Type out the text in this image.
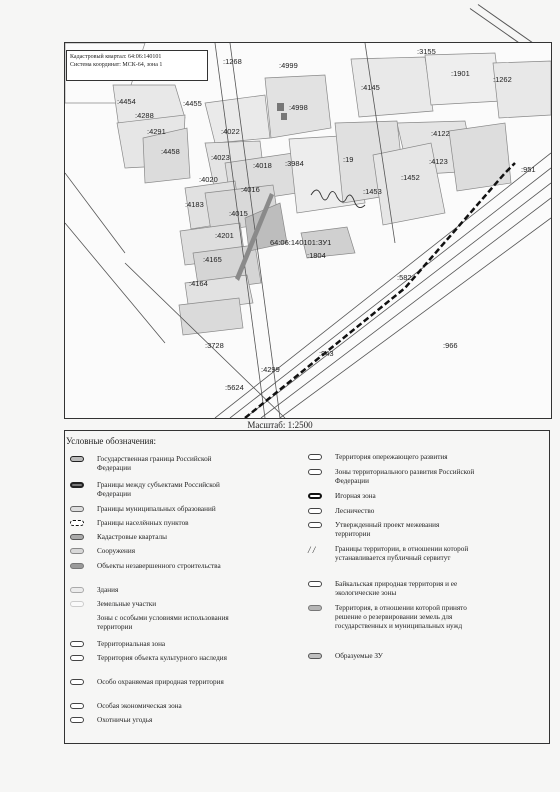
:1268
:3155
:1901
:1262
:4999
:4998
:4145
:4454	:4455
:4288
:4291
:4458
:4022	:4122
:4123
:4023
:4018 :3984	:19
:1452
:951
:4020
:4016	:1453
:4183
:4015
:4201
64:06:140101:ЗУ1
:1804
:4165
:582
:4164
:3728
:943
:966
:4299
:5624
Кадастровый квартал: 64:06:140101
Система координат: МСК-64, зона 1
Масштаб: 1:2500
Условные обозначения:
Государственная граница Российской Федерации
Границы между субъектами Российской Федерации
Границы муниципальных образований
Границы населённых пунктов
Кадастровые кварталы
Сооружения
Объекты незавершенного строительства
Здания
Земельные участки
Зоны с особыми условиями использования территории
Территориальная зона
Территория объекта культурного наследия
Особо охраняемая природная территория
Особая экономическая зона
Охотничьи угодья
Территория опережающего развития
Зоны территориального развития Российской Федерации
Игорная зона
Лесничество
Утвержденный проект межевания территории
/ /	Границы территории, в отношении которой устанавливается публичный сервитут
Байкальская природная территория и ее экологические зоны
Территория, в отношении которой принято решение о резервировании земель для государственных и муниципальных нужд
Образуемые ЗУ
